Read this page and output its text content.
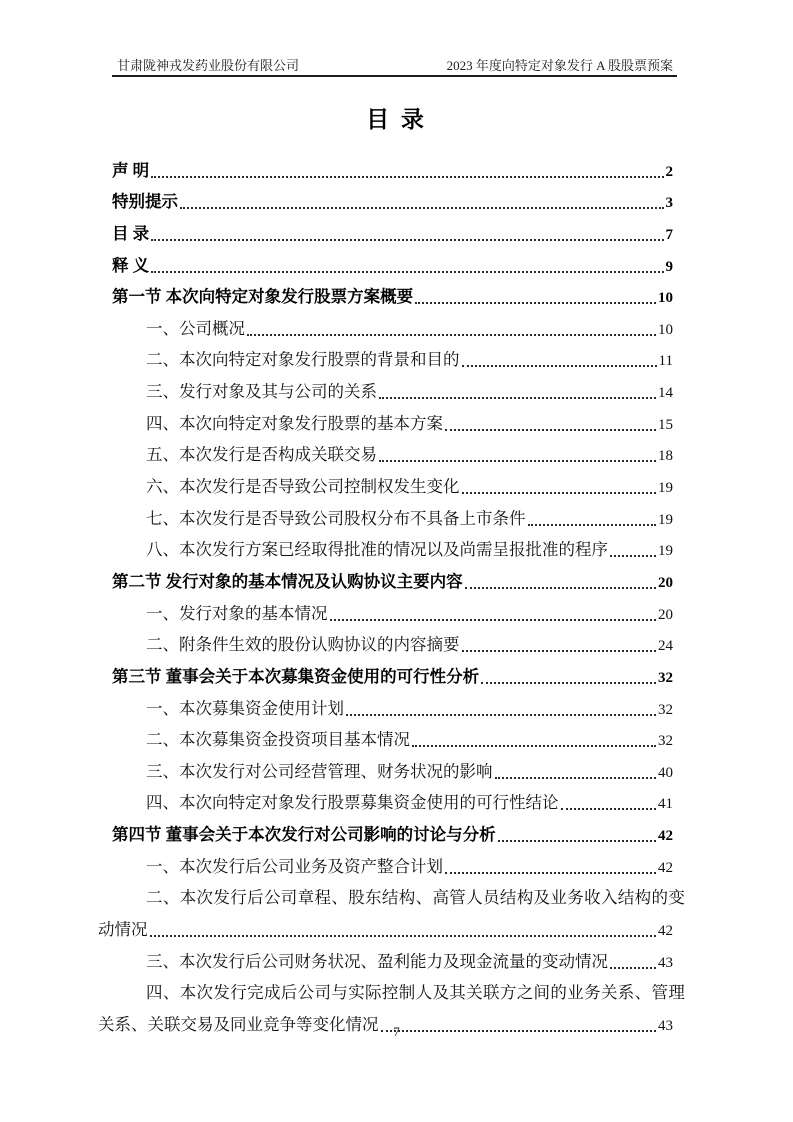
甘肃陇神戎发药业股份有限公司	2023 年度向特定对象发行 A 股股票预案
目 录
声 明	2
特别提示	3
目 录	7
释 义	9
第一节 本次向特定对象发行股票方案概要	10
一、公司概况	10
二、本次向特定对象发行股票的背景和目的	11
三、发行对象及其与公司的关系	14
四、本次向特定对象发行股票的基本方案	15
五、本次发行是否构成关联交易	18
六、本次发行是否导致公司控制权发生变化	19
七、本次发行是否导致公司股权分布不具备上市条件	19
八、本次发行方案已经取得批准的情况以及尚需呈报批准的程序	19
第二节 发行对象的基本情况及认购协议主要内容	20
一、发行对象的基本情况	20
二、附条件生效的股份认购协议的内容摘要	24
第三节 董事会关于本次募集资金使用的可行性分析	32
一、本次募集资金使用计划	32
二、本次募集资金投资项目基本情况	32
三、本次发行对公司经营管理、财务状况的影响	40
四、本次向特定对象发行股票募集资金使用的可行性结论	41
第四节 董事会关于本次发行对公司影响的讨论与分析	42
一、本次发行后公司业务及资产整合计划	42
二、本次发行后公司章程、股东结构、高管人员结构及业务收入结构的变
动情况	42
三、本次发行后公司财务状况、盈利能力及现金流量的变动情况	43
四、本次发行完成后公司与实际控制人及其关联方之间的业务关系、管理
关系、关联交易及同业竞争等变化情况	43
7
